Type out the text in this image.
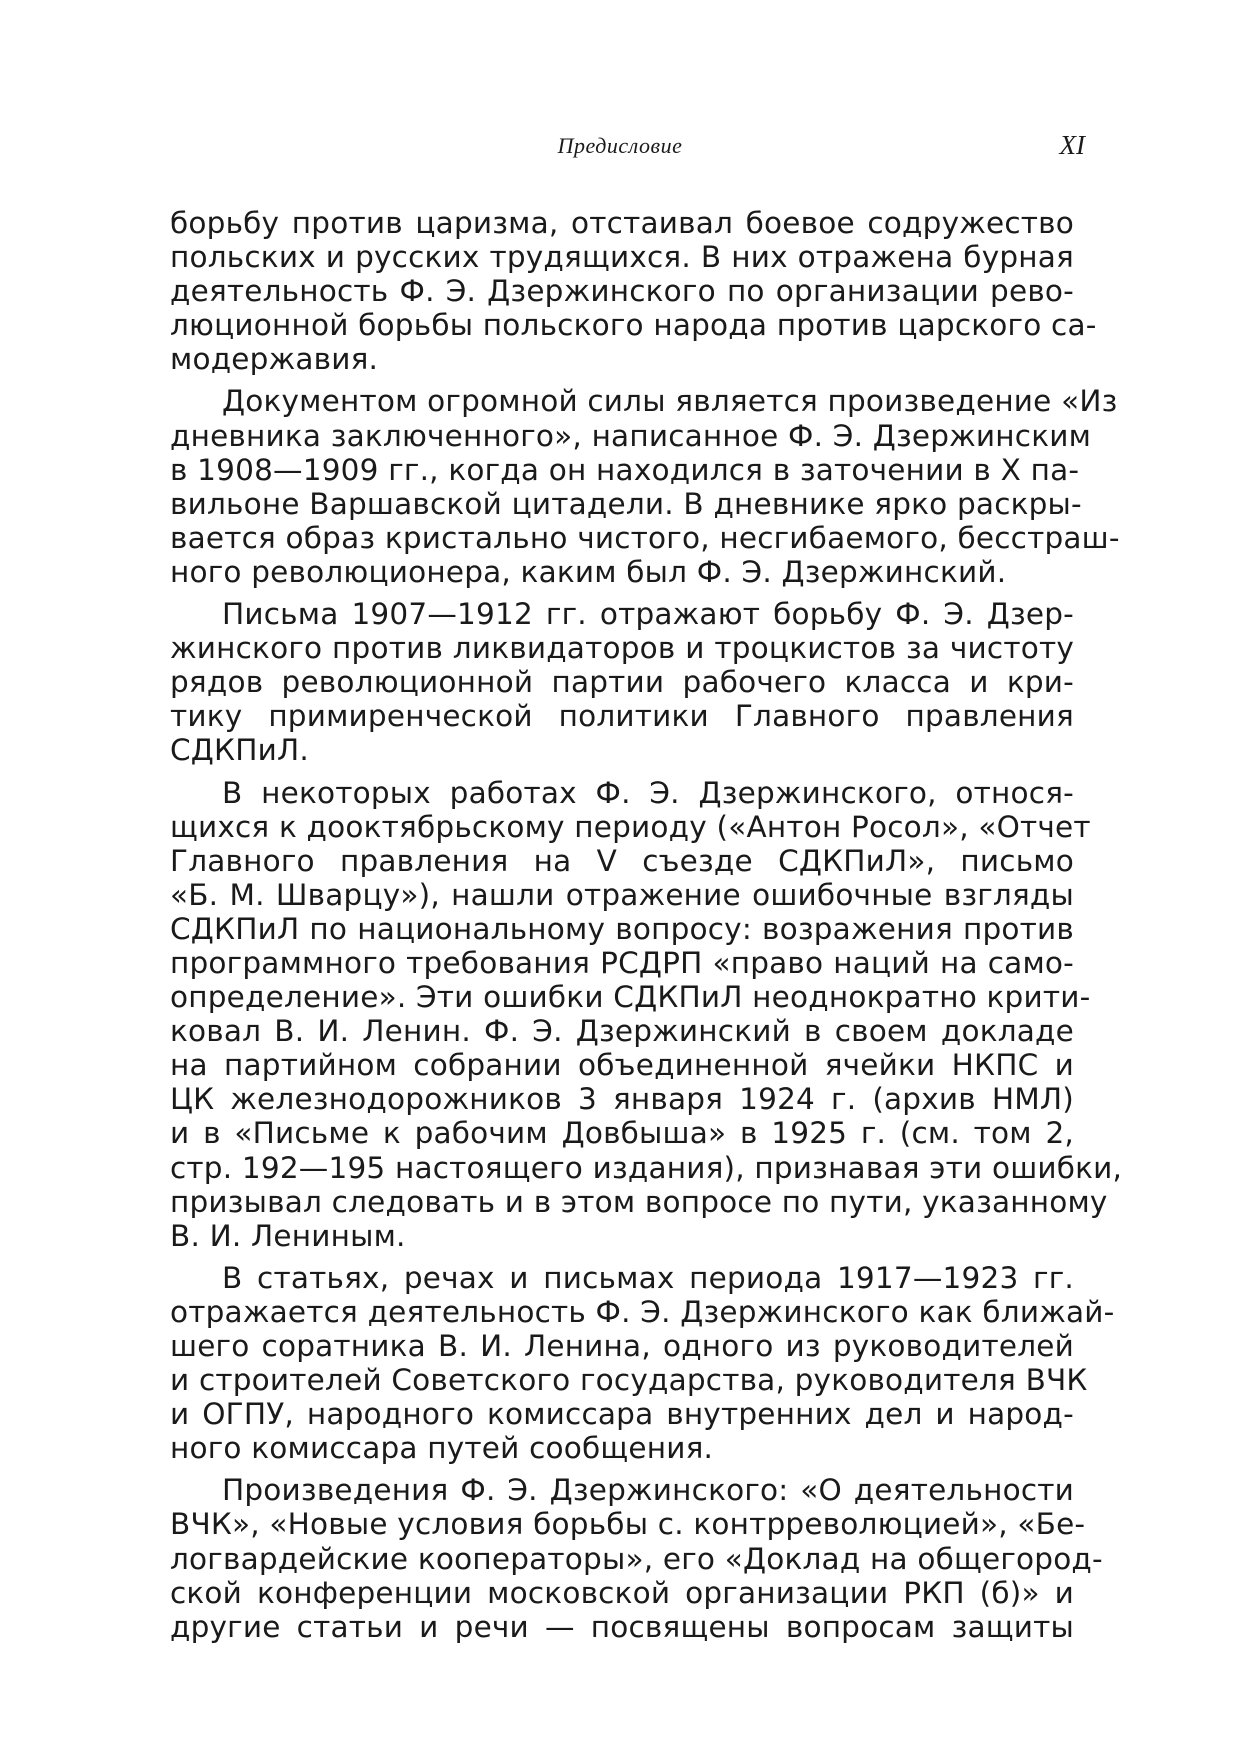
Предисловие	XI
борьбу против царизма, отстаивал боевое содружество
польских и русских трудящихся. В них отражена бурная
деятельность Ф. Э. Дзержинского по организации рево-
люционной борьбы польского народа против царского са-
модержавия.
Документом огромной силы является произведение «Из
дневника заключенного», написанное Ф. Э. Дзержинским
в 1908—1909 гг., когда он находился в заточении в X па-
вильоне Варшавской цитадели. В дневнике ярко раскры-
вается образ кристально чистого, несгибаемого, бесстраш-
ного революционера, каким был Ф. Э. Дзержинский.
Письма 1907—1912 гг. отражают борьбу Ф. Э. Дзер-
жинского против ликвидаторов и троцкистов за чистоту
рядов революционной партии рабочего класса и кри-
тику примиренческой политики Главного правления
СДКПиЛ.
В некоторых работах Ф. Э. Дзержинского, относя-
щихся к дооктябрьскому периоду («Антон Росол», «Отчет
Главного правления на V съезде СДКПиЛ», письмо
«Б. М. Шварцу»), нашли отражение ошибочные взгляды
СДКПиЛ по национальному вопросу: возражения против
программного требования РСДРП «право наций на само-
определение». Эти ошибки СДКПиЛ неоднократно крити-
ковал В. И. Ленин. Ф. Э. Дзержинский в своем докладе
на партийном собрании объединенной ячейки НКПС и
ЦК железнодорожников 3 января 1924 г. (архив НМЛ)
и в «Письме к рабочим Довбыша» в 1925 г. (см. том 2,
стр. 192—195 настоящего издания), признавая эти ошибки,
призывал следовать и в этом вопросе по пути, указанному
В. И. Лениным.
В статьях, речах и письмах периода 1917—1923 гг.
отражается деятельность Ф. Э. Дзержинского как ближай-
шего соратника В. И. Ленина, одного из руководителей
и строителей Советского государства, руководителя ВЧК
и ОГПУ, народного комиссара внутренних дел и народ-
ного комиссара путей сообщения.
Произведения Ф. Э. Дзержинского: «О деятельности
ВЧК», «Новые условия борьбы с. контрреволюцией», «Бе-
логвардейские кооператоры», его «Доклад на общегород-
ской конференции московской организации РКП (б)» и
другие статьи и речи — посвящены вопросам защиты
